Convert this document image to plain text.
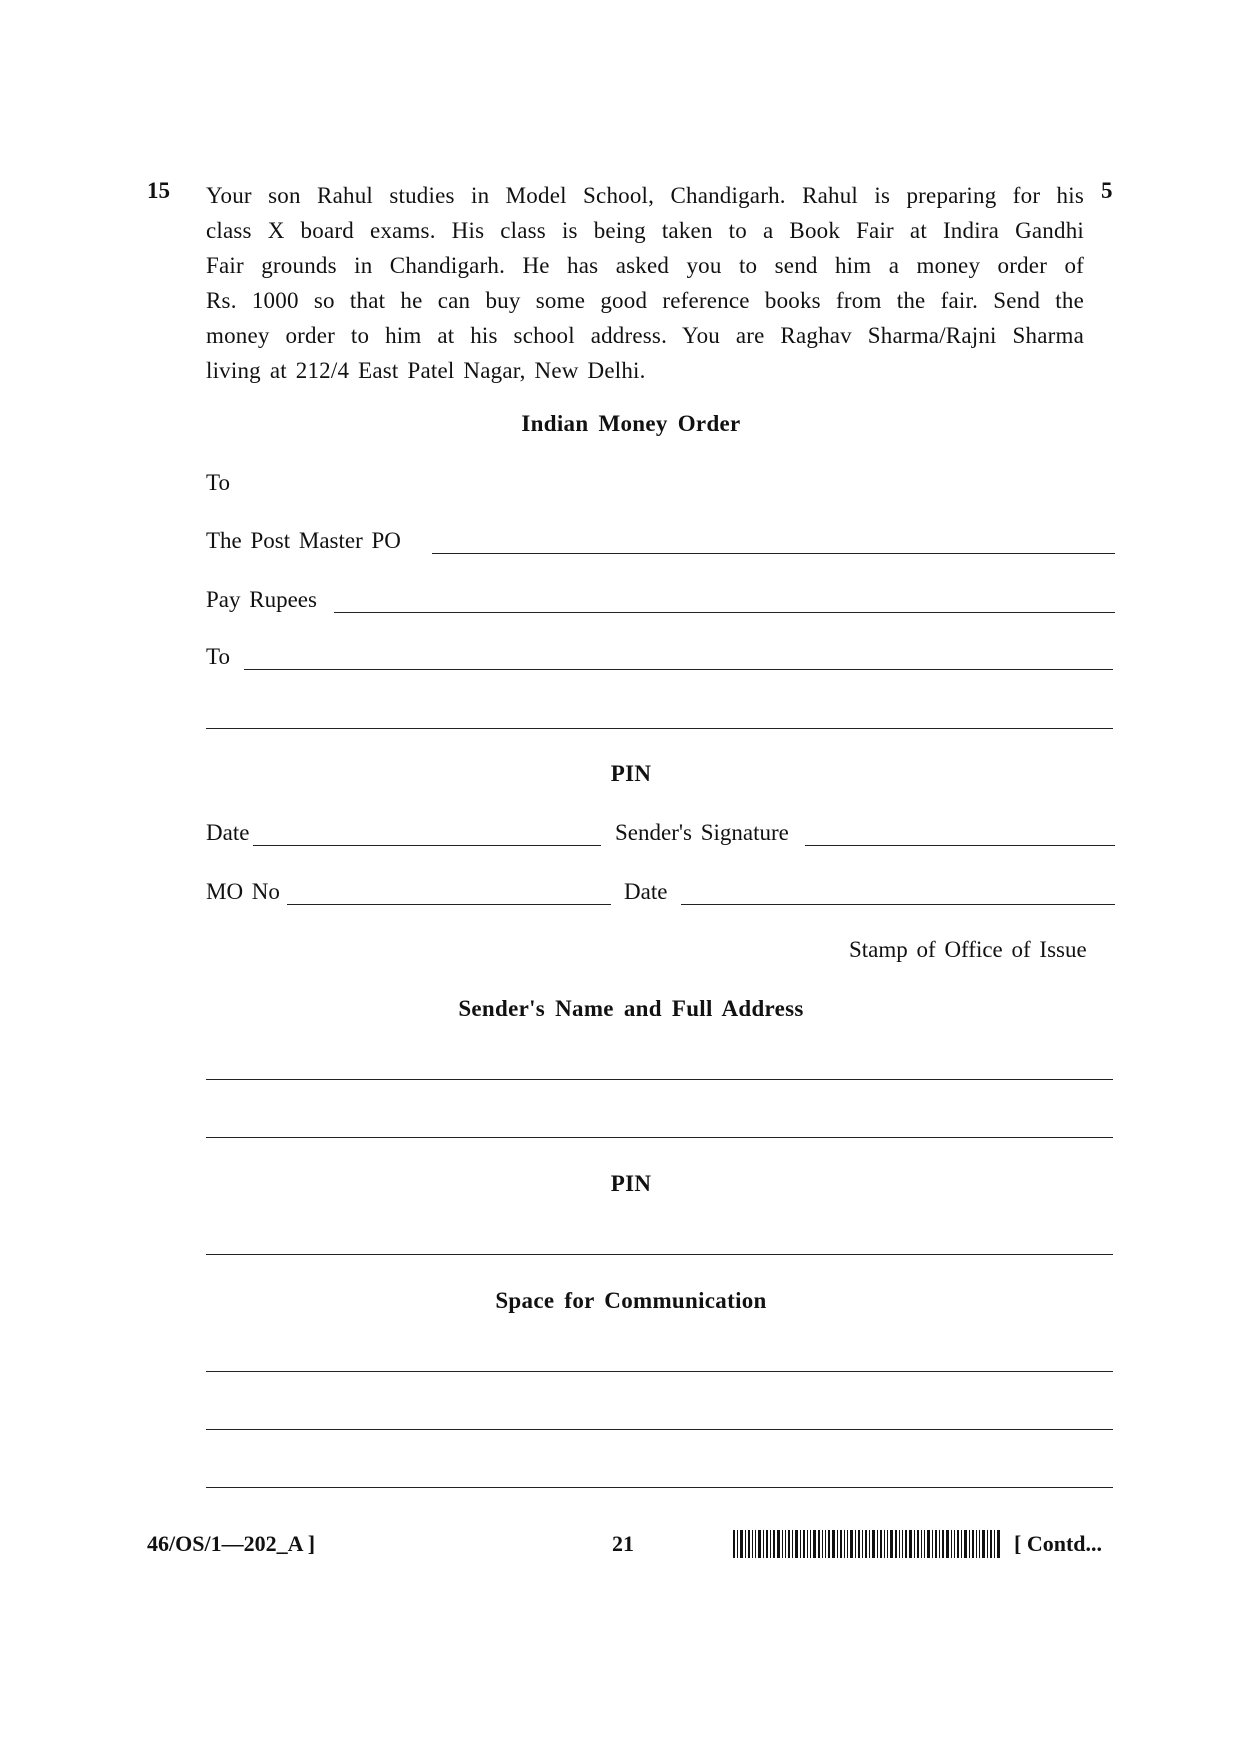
15	5
Your son Rahul studies in Model School, Chandigarh. Rahul is preparing for his
class X board exams. His class is being taken to a Book Fair at Indira Gandhi
Fair grounds in Chandigarh. He has asked you to send him a money order of
Rs. 1000 so that he can buy some good reference books from the fair. Send the
money order to him at his school address. You are Raghav Sharma/Rajni Sharma
living at 212/4 East Patel Nagar, New Delhi.
Indian Money Order
To
The Post Master PO
Pay Rupees
To
PIN
Date	Sender's Signature
MO No	Date
Stamp of Office of Issue
Sender's Name and Full Address
PIN
Space for Communication
46/OS/1—202_A ]	21	[ Contd...
